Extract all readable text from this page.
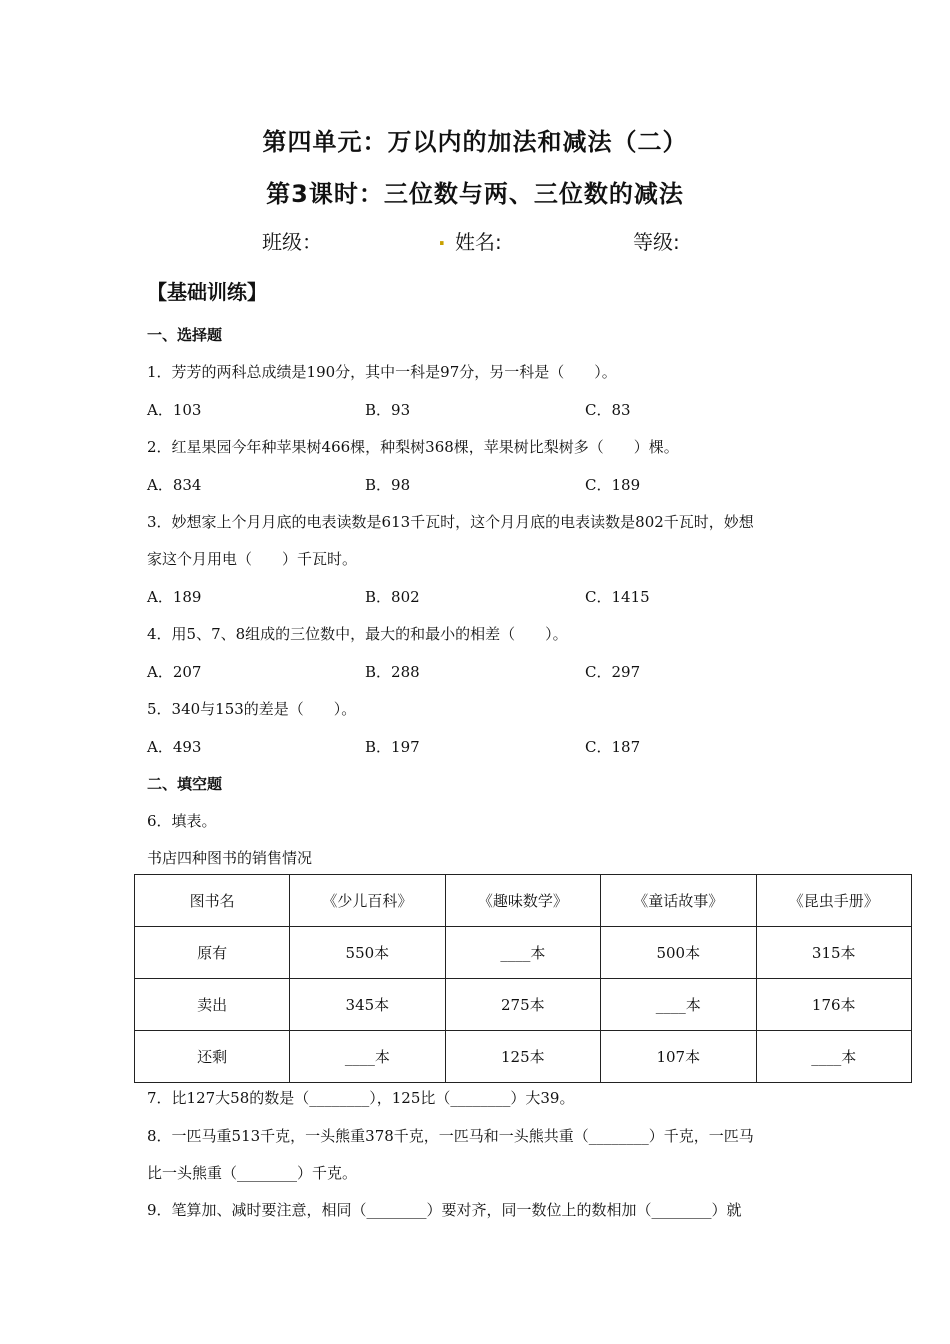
第四单元：万以内的加法和减法（二）
第3课时：三位数与两、三位数的减法
班级：	. 姓名:	等级:
【基础训练】
一、选择题
1．芳芳的两科总成绩是190分，其中一科是97分，另一科是（　　）。
A．103	B．93	C．83
2．红星果园今年种苹果树466棵，种梨树368棵，苹果树比梨树多（　　）棵。
A．834	B．98	C．189
3．妙想家上个月月底的电表读数是613千瓦时，这个月月底的电表读数是802千瓦时，妙想
家这个月用电（　　）千瓦时。
A．189	B．802	C．1415
4．用5、7、8组成的三位数中，最大的和最小的相差（　　）。
A．207	B．288	C．297
5．340与153的差是（　　）。
A．493	B．197	C．187
二、填空题
6．填表。
书店四种图书的销售情况
图书名	《少儿百科》	《趣味数学》	《童话故事》	《昆虫手册》
原有	550本	____本	500本	315本
卖出	345本	275本	____本	176本
还剩	____本	125本	107本	____本
7．比127大58的数是（________），125比（________）大39。
8．一匹马重513千克，一头熊重378千克，一匹马和一头熊共重（________）千克，一匹马
比一头熊重（________）千克。
9．笔算加、减时要注意，相同（________）要对齐，同一数位上的数相加（________）就
